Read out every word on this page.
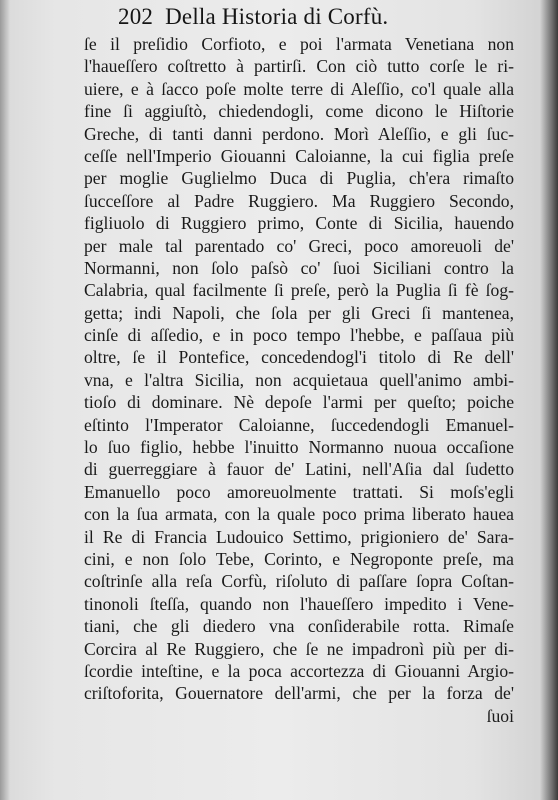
202 Della Historia di Corfù.
ſe il preſidio Corfioto, e poi l'armata Venetiana non
l'haueſſero coſtretto à partirſi. Con ciò tutto corſe le ri-
uiere, e à ſacco poſe molte terre di Aleſſio, co'l quale alla
fine ſi aggiuſtò, chiedendogli, come dicono le Hiſtorie
Greche, di tanti danni perdono. Morì Aleſſio, e gli ſuc-
ceſſe nell'Imperio Giouanni Caloianne, la cui figlia preſe
per moglie Guglielmo Duca di Puglia, ch'era rimaſto
ſucceſſore al Padre Ruggiero. Ma Ruggiero Secondo,
figliuolo di Ruggiero primo, Conte di Sicilia, hauendo
per male tal parentado co' Greci, poco amoreuoli de'
Normanni, non ſolo paſsò co' ſuoi Siciliani contro la
Calabria, qual facilmente ſi preſe, però la Puglia ſi fè ſog-
getta; indi Napoli, che ſola per gli Greci ſi mantenea,
cinſe di aſſedio, e in poco tempo l'hebbe, e paſſaua più
oltre, ſe il Pontefice, concedendogl'i titolo di Re dell'
vna, e l'altra Sicilia, non acquietaua quell'animo ambi-
tioſo di dominare. Nè depoſe l'armi per queſto; poiche
eſtinto l'Imperator Caloianne, ſuccedendogli Emanuel-
lo ſuo figlio, hebbe l'inuitto Normanno nuoua occaſione
di guerreggiare à fauor de' Latini, nell'Aſia dal ſudetto
Emanuello poco amoreuolmente trattati. Si moſs'egli
con la ſua armata, con la quale poco prima liberato hauea
il Re di Francia Ludouico Settimo, prigioniero de' Sara-
cini, e non ſolo Tebe, Corinto, e Negroponte preſe, ma
coſtrinſe alla reſa Corfù, riſoluto di paſſare ſopra Coſtan-
tinonoli ſteſſa, quando non l'haueſſero impedito i Vene-
tiani, che gli diedero vna conſiderabile rotta. Rimaſe
Corcira al Re Ruggiero, che ſe ne impadronì più per di-
ſcordie inteſtine, e la poca accortezza di Giouanni Argio-
criſtoforita, Gouernatore dell'armi, che per la forza de'
ſuoi
